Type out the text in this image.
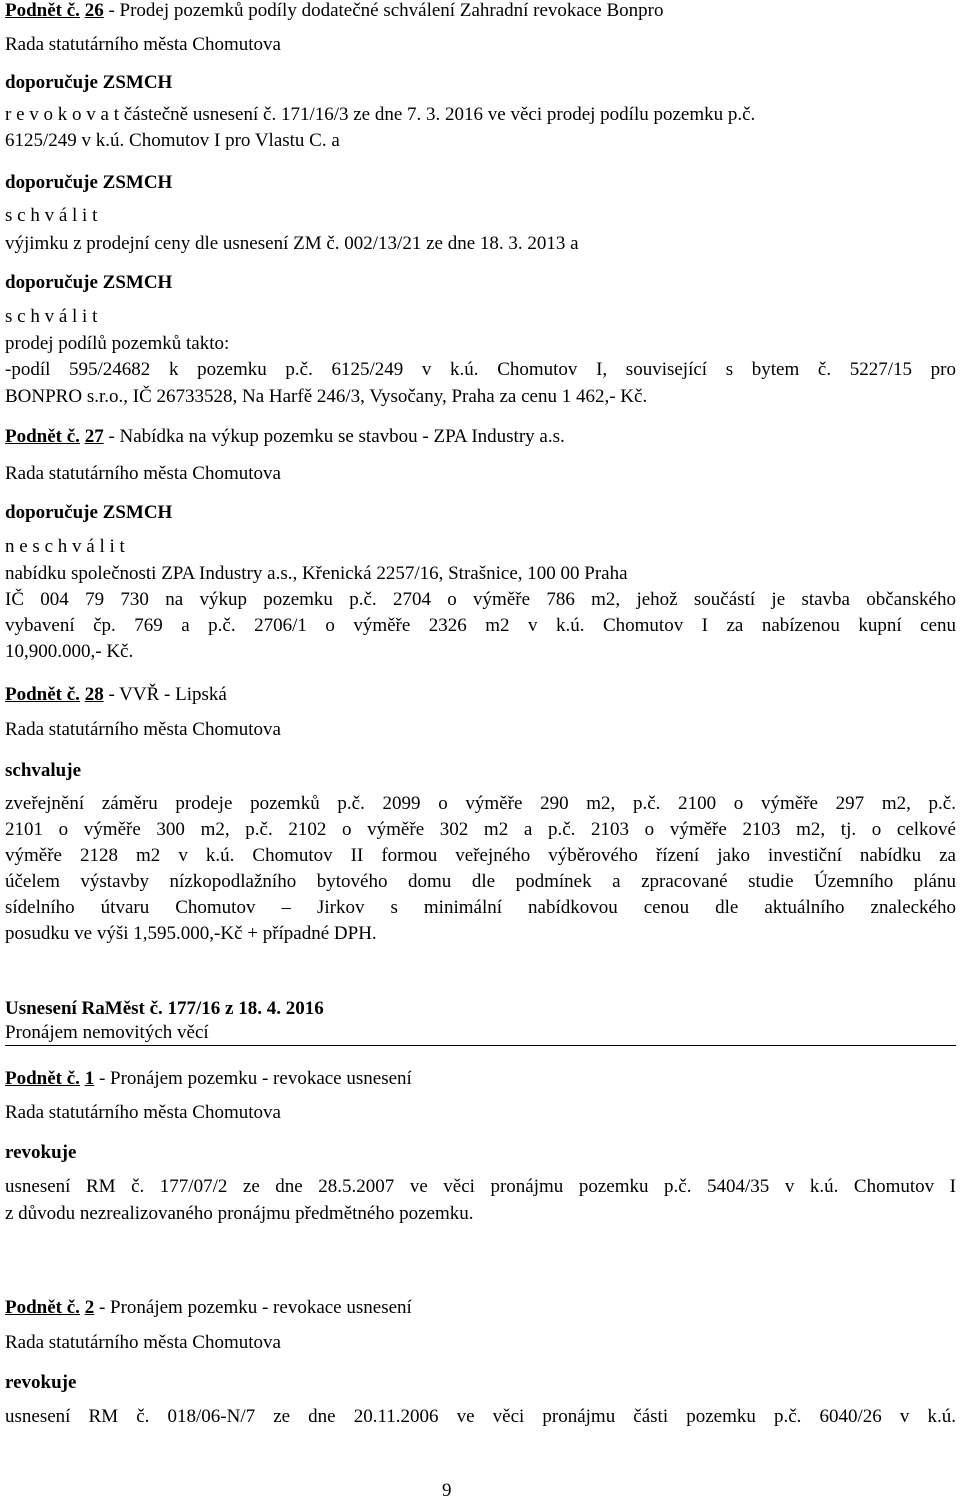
Podnět č. 26 - Prodej pozemků podíly dodatečné schválení Zahradní revokace Bonpro
Rada statutárního města Chomutova
doporučuje ZSMCH
r e v o k o v a t částečně usnesení č. 171/16/3 ze dne 7. 3. 2016 ve věci prodej podílu pozemku p.č.
6125/249 v k.ú. Chomutov I pro Vlastu C. a
doporučuje ZSMCH
s c h v á l i t
výjimku z prodejní ceny dle usnesení ZM č. 002/13/21 ze dne 18. 3. 2013 a
doporučuje ZSMCH
s c h v á l i t
prodej podílů pozemků takto:
-podíl 595/24682 k pozemku p.č. 6125/249 v k.ú. Chomutov I, související s bytem č. 5227/15 pro
BONPRO s.r.o., IČ 26733528, Na Harfě 246/3, Vysočany, Praha za cenu 1 462,- Kč.
Podnět č. 27 - Nabídka na výkup pozemku se stavbou - ZPA Industry a.s.
Rada statutárního města Chomutova
doporučuje ZSMCH
n e s c h v á l i t
nabídku společnosti ZPA Industry a.s., Křenická 2257/16, Strašnice, 100 00 Praha
IČ 004 79 730 na výkup pozemku p.č. 2704 o výměře 786 m2, jehož součástí je stavba občanského
vybavení čp. 769 a p.č. 2706/1 o výměře 2326 m2 v k.ú. Chomutov I za nabízenou kupní cenu
10,900.000,- Kč.
Podnět č. 28 - VVŘ - Lipská
Rada statutárního města Chomutova
schvaluje
zveřejnění záměru prodeje pozemků p.č. 2099 o výměře 290 m2, p.č. 2100 o výměře 297 m2, p.č.
2101 o výměře 300 m2, p.č. 2102 o výměře 302 m2 a p.č. 2103 o výměře 2103 m2, tj. o celkové
výměře 2128 m2 v k.ú. Chomutov II formou veřejného výběrového řízení jako investiční nabídku za
účelem výstavby nízkopodlažního bytového domu dle podmínek a zpracované studie Územního plánu
sídelního útvaru Chomutov – Jirkov s minimální nabídkovou cenou dle aktuálního znaleckého
posudku ve výši 1,595.000,-Kč + případné DPH.
Usnesení RaMěst č. 177/16 z 18. 4. 2016
Pronájem nemovitých věcí
Podnět č. 1 - Pronájem pozemku - revokace usnesení
Rada statutárního města Chomutova
revokuje
usnesení RM č. 177/07/2 ze dne 28.5.2007 ve věci pronájmu pozemku p.č. 5404/35 v k.ú. Chomutov I
z důvodu nezrealizovaného pronájmu předmětného pozemku.
Podnět č. 2 - Pronájem pozemku - revokace usnesení
Rada statutárního města Chomutova
revokuje
usnesení RM č. 018/06-N/7 ze dne 20.11.2006 ve věci pronájmu části pozemku p.č. 6040/26 v k.ú.
9
